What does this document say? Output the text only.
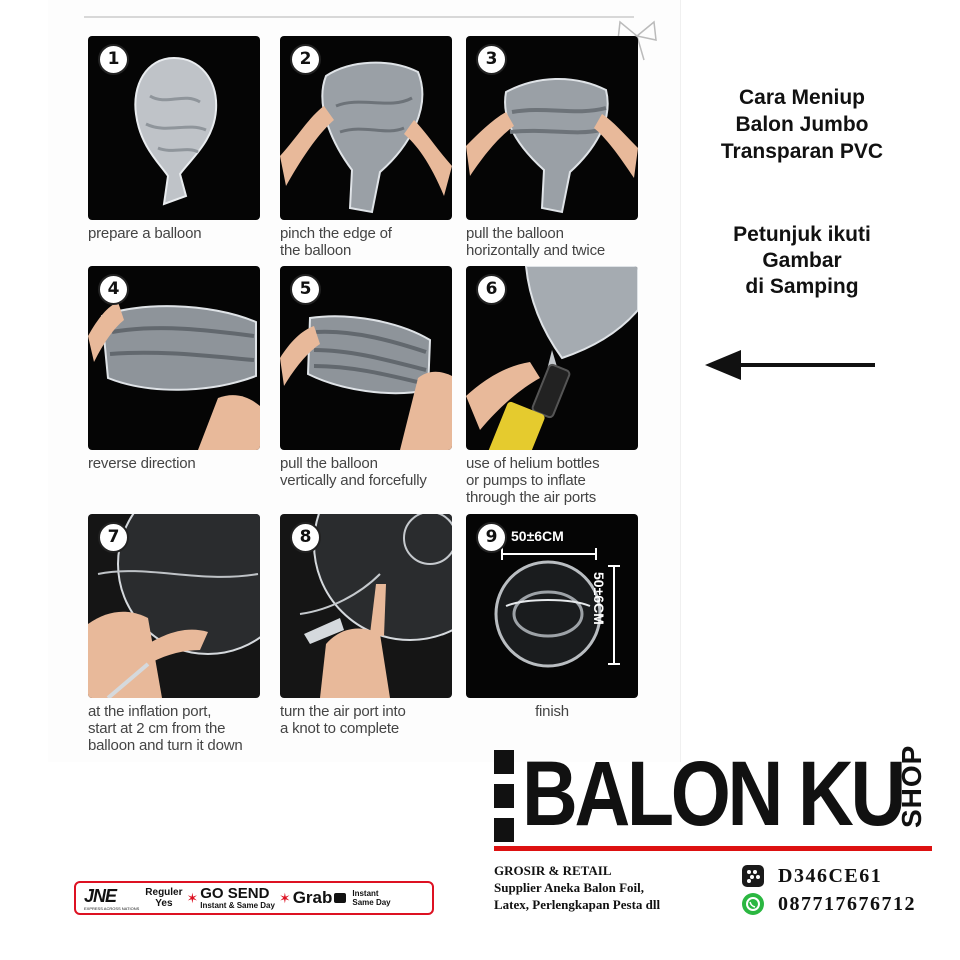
1
prepare a balloon
2
pinch the edge of
the balloon
3
pull the balloon
horizontally and twice
4
reverse direction
5
pull the balloon
vertically and forcefully
6
use of helium bottles
or pumps to inflate
through the air ports
7
at the inflation port,
start at 2 cm from the
balloon and turn it down
8
turn the air port into
a knot to complete
50±6CM
50±6CM
9
finish
Cara Meniup
Balon Jumbo
Transparan PVC
Petunjuk ikuti
Gambar
di Samping
BALON KU
SHOP
GROSIR & RETAIL
Supplier Aneka Balon Foil,
Latex, Perlengkapan Pesta dll
D346CE61
087717676712
JNE
EXPRESS ACROSS NATIONS
Reguler
Yes	✶ GO SEND
Instant & Same Day ✶ Grab	Instant
Same Day
